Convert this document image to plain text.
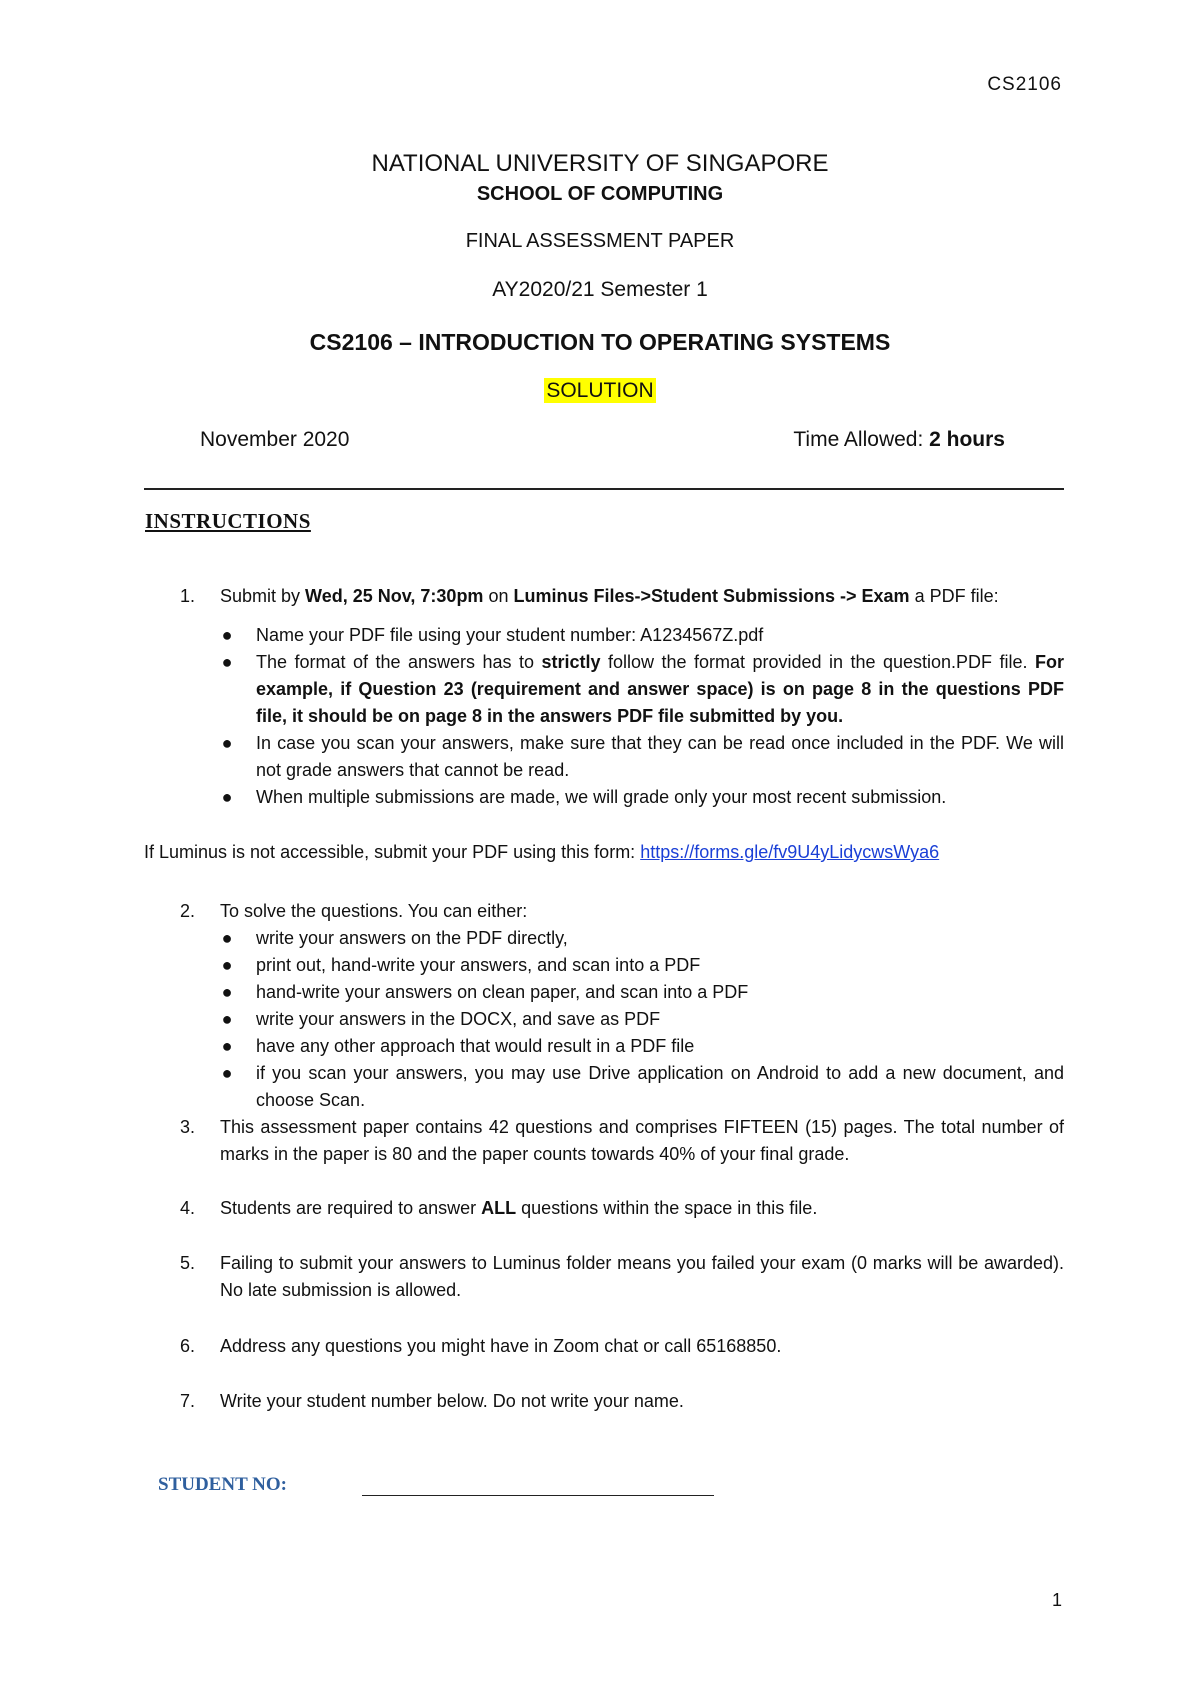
CS2106
NATIONAL UNIVERSITY OF SINGAPORE
SCHOOL OF COMPUTING
FINAL ASSESSMENT PAPER
AY2020/21 Semester 1
CS2106 – INTRODUCTION TO OPERATING SYSTEMS
SOLUTION
November 2020	Time Allowed: 2 hours
INSTRUCTIONS
1.	Submit by Wed, 25 Nov, 7:30pm on Luminus Files->Student Submissions -> Exam a PDF file:
● Name your PDF file using your student number: A1234567Z.pdf
● The format of the answers has to strictly follow the format provided in the question.PDF file. For example, if Question 23 (requirement and answer space) is on page 8 in the questions PDF file, it should be on page 8 in the answers PDF file submitted by you.
● In case you scan your answers, make sure that they can be read once included in the PDF. We will not grade answers that cannot be read.
● When multiple submissions are made, we will grade only your most recent submission.
If Luminus is not accessible, submit your PDF using this form: https://forms.gle/fv9U4yLidycwsWya6
2.	To solve the questions. You can either:
● write your answers on the PDF directly,
● print out, hand-write your answers, and scan into a PDF
● hand-write your answers on clean paper, and scan into a PDF
● write your answers in the DOCX, and save as PDF
● have any other approach that would result in a PDF file
● if you scan your answers, you may use Drive application on Android to add a new document, and choose Scan.
3.	This assessment paper contains 42 questions and comprises FIFTEEN (15) pages. The total number of marks in the paper is 80 and the paper counts towards 40% of your final grade.
4.	Students are required to answer ALL questions within the space in this file.
5.	Failing to submit your answers to Luminus folder means you failed your exam (0 marks will be awarded). No late submission is allowed.
6.	Address any questions you might have in Zoom chat or call 65168850.
7.	Write your student number below. Do not write your name.
STUDENT NO:
1
